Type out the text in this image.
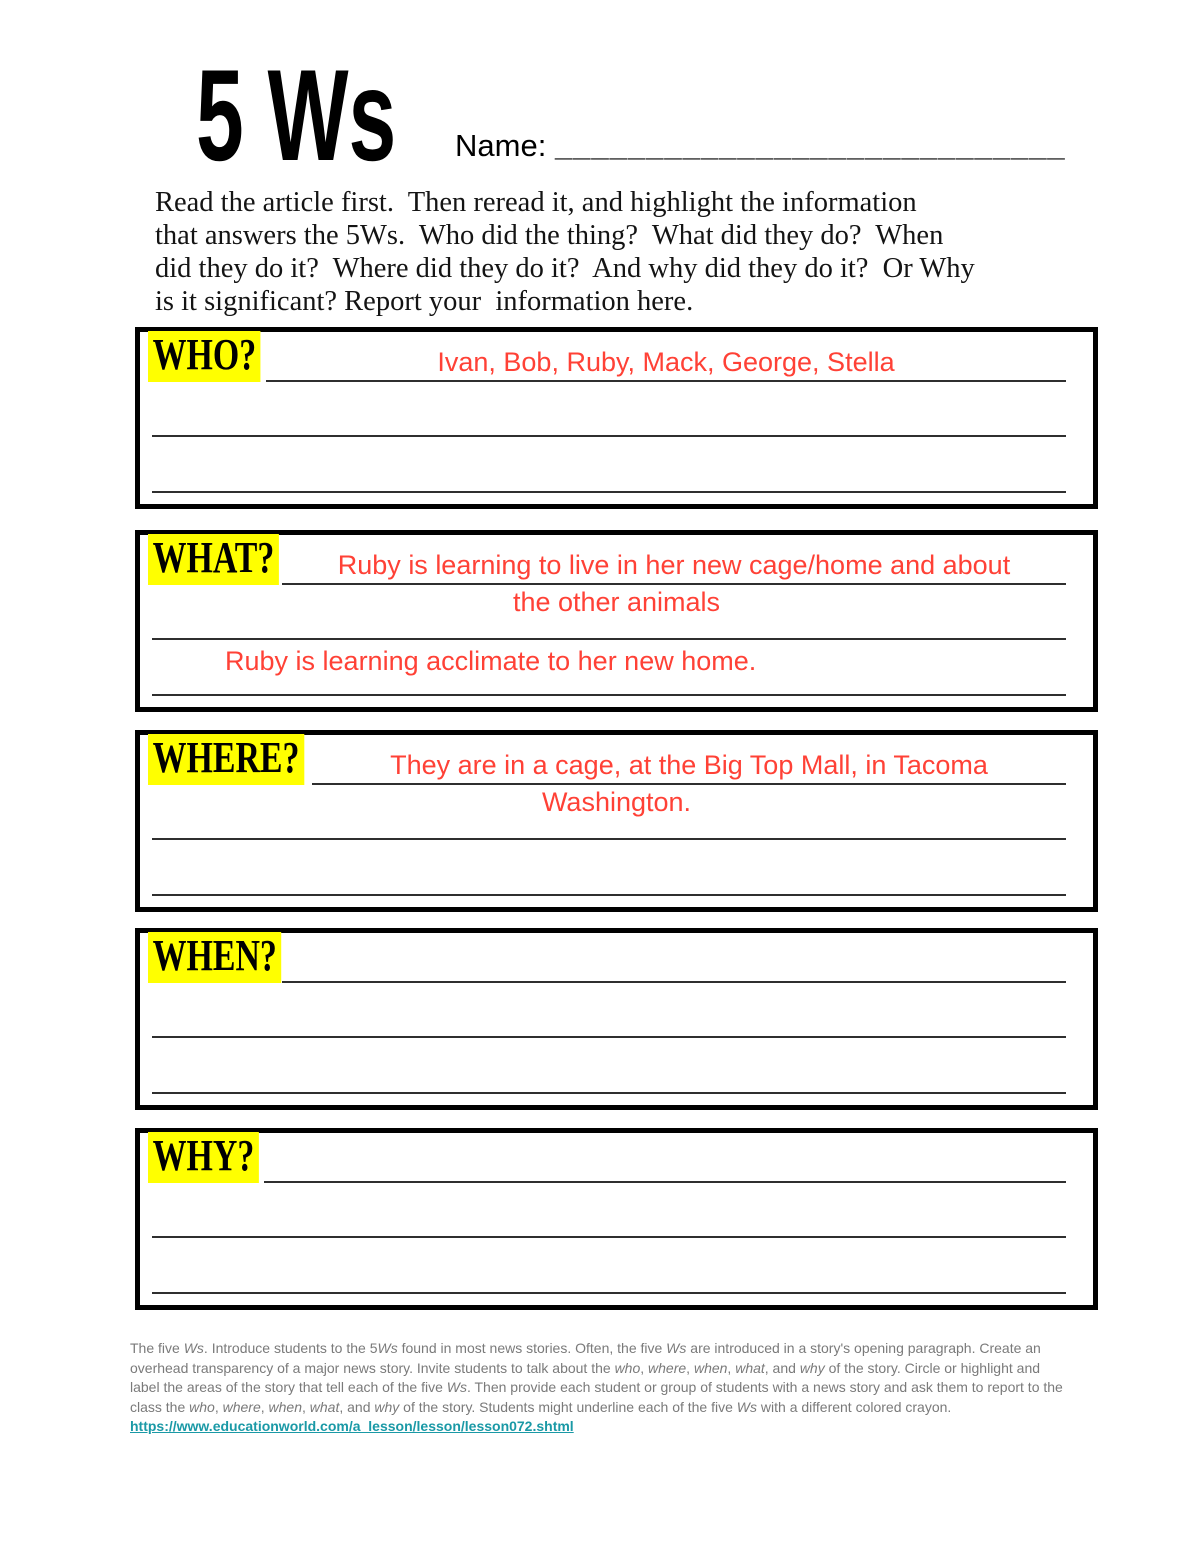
5 Ws Name: ____________________________
Read the article first.  Then reread it, and highlight the information
that answers the 5Ws.  Who did the thing?  What did they do?  When
did they do it?  Where did they do it?  And why did they do it?  Or Why
is it significant? Report your  information here.
WHO?	Ivan, Bob, Ruby, Mack, George, Stella
WHAT?	Ruby is learning to live in her new cage/home and about
the other animals
Ruby is learning acclimate to her new home.
WHERE?	They are in a cage, at the Big Top Mall, in Tacoma
Washington.
WHEN?
WHY?
The five Ws. Introduce students to the 5Ws found in most news stories. Often, the five Ws are introduced in a story's opening paragraph. Create an
overhead transparency of a major news story. Invite students to talk about the who, where, when, what, and why of the story. Circle or highlight and
label the areas of the story that tell each of the five Ws. Then provide each student or group of students with a news story and ask them to report to the
class the who, where, when, what, and why of the story. Students might underline each of the five Ws with a different colored crayon.
https://www.educationworld.com/a_lesson/lesson/lesson072.shtml
